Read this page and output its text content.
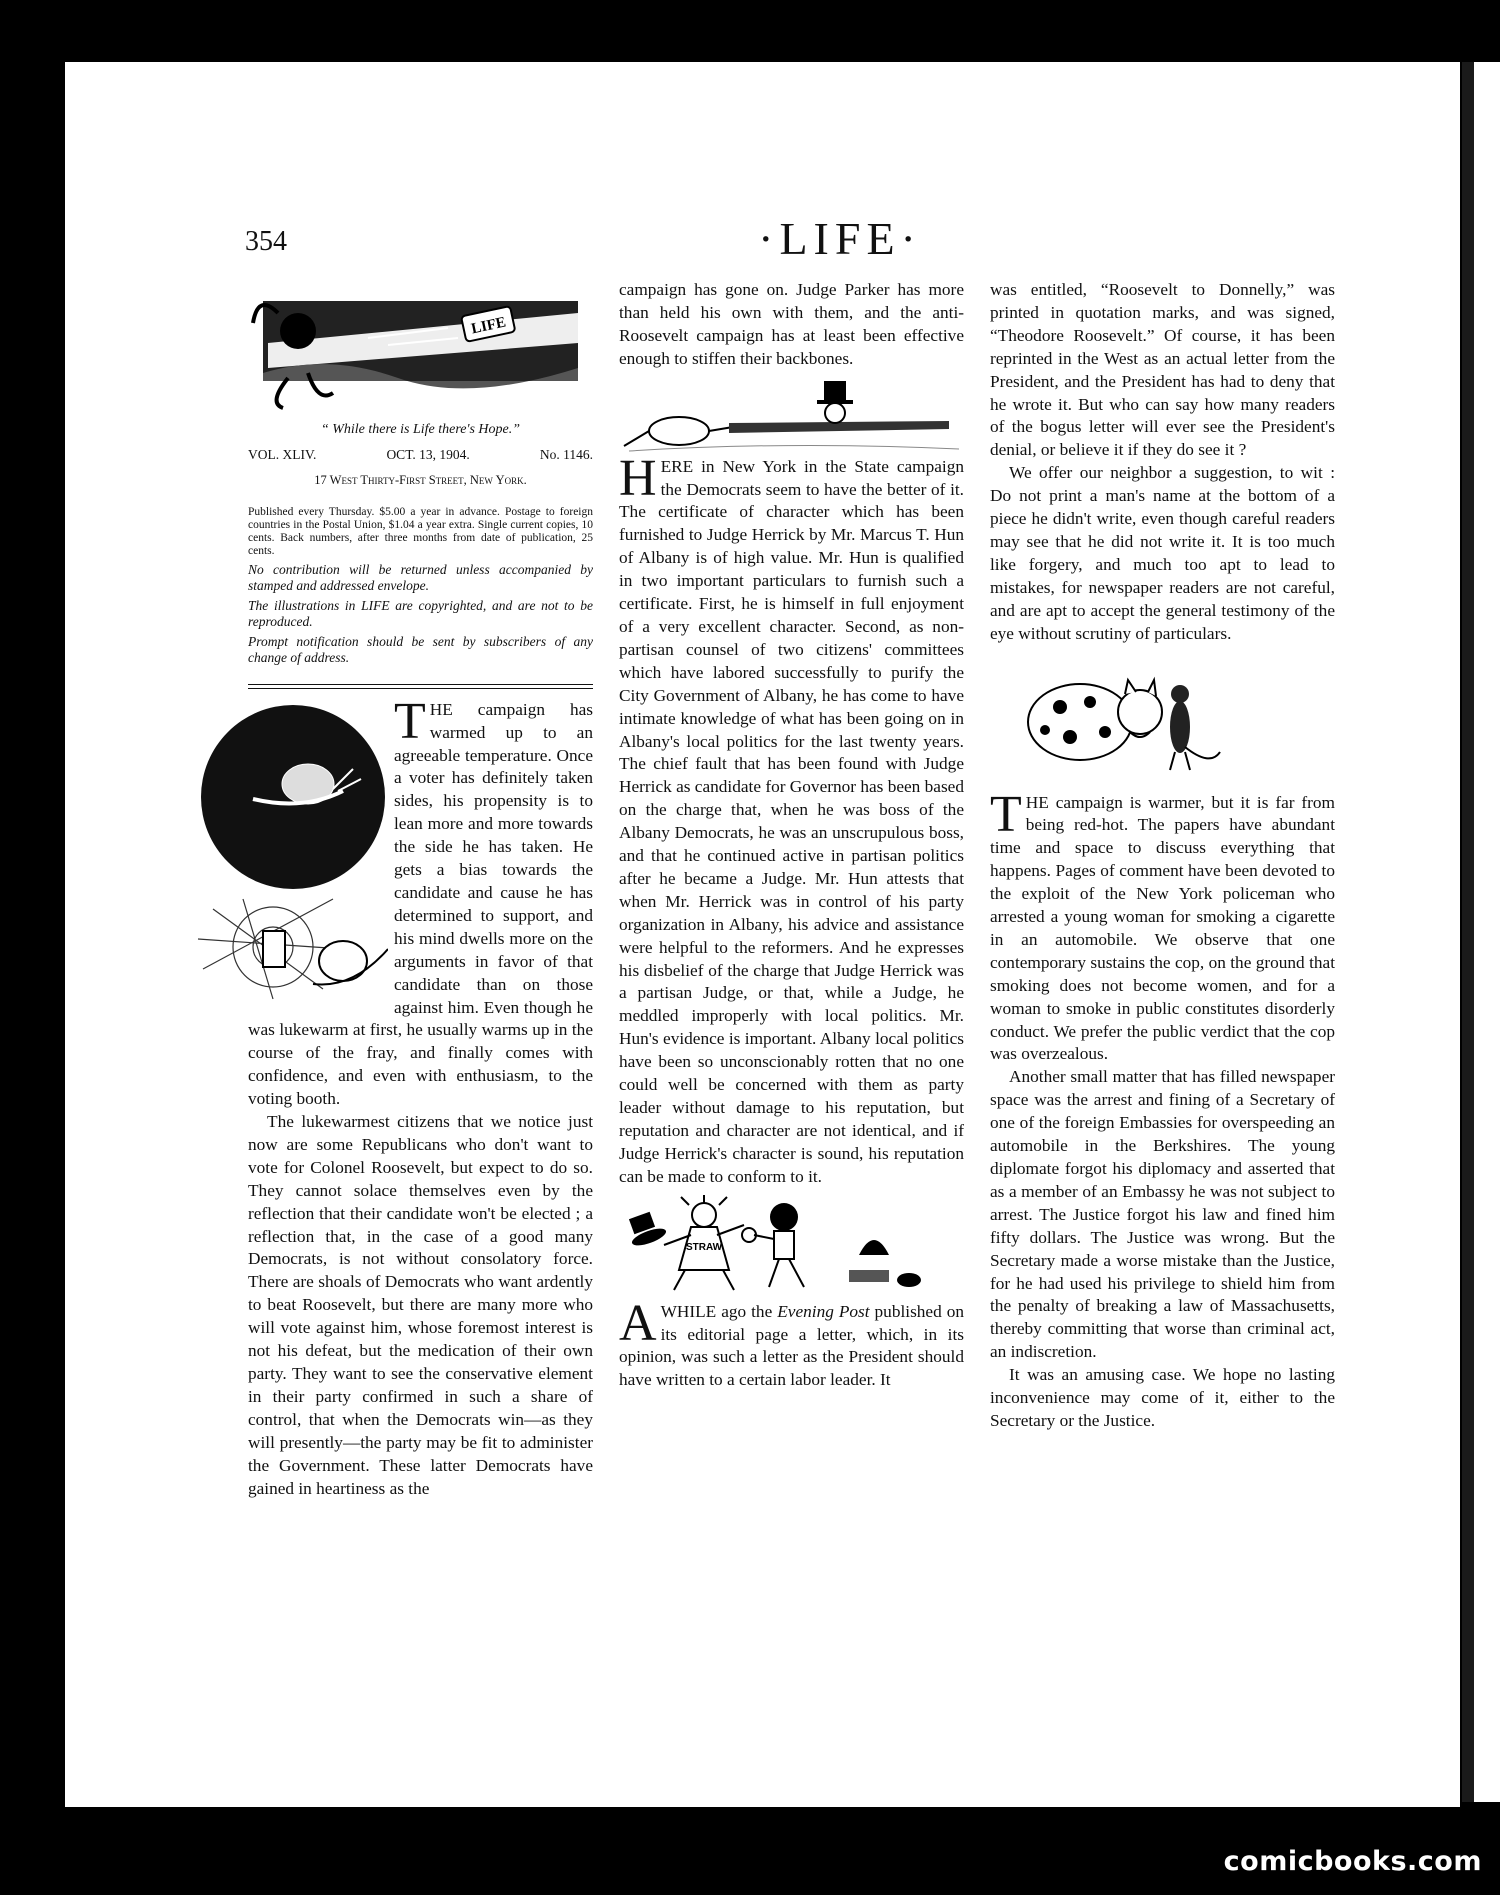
354	·LIFE·
LIFE
“ While there is Life there's Hope.”
VOL. XLIV.	OCT. 13, 1904.	No. 1146.
17 West Thirty-First Street, New York.
Published every Thursday. $5.00 a year in advance. Postage to foreign countries in the Postal Union, $1.04 a year extra. Single current copies, 10 cents. Back numbers, after three months from date of publication, 25 cents.
No contribution will be returned unless accompanied by stamped and addressed envelope.
The illustrations in LIFE are copyrighted, and are not to be reproduced.
Prompt notification should be sent by subscribers of any change of address.

THE campaign has warmed up to an agreeable temperature. Once a voter has definitely taken sides, his propensity is to lean more and more towards the side he has taken. He gets a bias towards the candidate and cause he has determined to support, and his mind dwells more on the arguments in favor of that candidate than on those against him. Even though he was lukewarm at first, he usually warms up in the course of the fray, and finally comes with confidence, and even with enthusiasm, to the voting booth.

The lukewarmest citizens that we notice just now are some Republicans who don't want to vote for Colonel Roosevelt, but expect to do so. They cannot solace themselves even by the reflection that their candidate won't be elected ; a reflection that, in the case of a good many Democrats, is not without consolatory force. There are shoals of Democrats who want ardently to beat Roosevelt, but there are many more who will vote against him, whose foremost interest is not his defeat, but the medication of their own party. They want to see the conservative element in their party confirmed in such a share of control, that when the Democrats win—as they will presently—the party may be fit to administer the Government. These latter Democrats have gained in heartiness as the

campaign has gone on. Judge Parker has more than held his own with them, and the anti-Roosevelt campaign has at least been effective enough to stiffen their backbones.

HERE in New York in the State campaign the Democrats seem to have the better of it. The certificate of character which has been furnished to Judge Herrick by Mr. Marcus T. Hun of Albany is of high value. Mr. Hun is qualified in two important particulars to furnish such a certificate. First, he is himself in full enjoyment of a very excellent character. Second, as non-partisan counsel of two citizens' committees which have labored successfully to purify the City Government of Albany, he has come to have intimate knowledge of what has been going on in Albany's local politics for the last twenty years. The chief fault that has been found with Judge Herrick as candidate for Governor has been based on the charge that, when he was boss of the Albany Democrats, he was an unscrupulous boss, and that he continued active in partisan politics after he became a Judge. Mr. Hun attests that when Mr. Herrick was in control of his party organization in Albany, his advice and assistance were helpful to the reformers. And he expresses his disbelief of the charge that Judge Herrick was a partisan Judge, or that, while a Judge, he meddled improperly with local politics. Mr. Hun's evidence is important. Albany local politics have been so unconscionably rotten that no one could well be concerned with them as party leader without damage to his reputation, but reputation and character are not identical, and if Judge Herrick's character is sound, his reputation can be made to conform to it.

STRAW

AWHILE ago the Evening Post published on its editorial page a letter, which, in its opinion, was such a letter as the President should have written to a certain labor leader. It

was entitled, “Roosevelt to Donnelly,” was printed in quotation marks, and was signed, “Theodore Roosevelt.” Of course, it has been reprinted in the West as an actual letter from the President, and the President has had to deny that he wrote it. But who can say how many readers of the bogus letter will ever see the President's denial, or believe it if they do see it ?

We offer our neighbor a suggestion, to wit : Do not print a man's name at the bottom of a piece he didn't write, even though careful readers may see that he did not write it. It is too much like forgery, and much too apt to lead to mistakes, for newspaper readers are not careful, and are apt to accept the general testimony of the eye without scrutiny of particulars.

THE campaign is warmer, but it is far from being red-hot. The papers have abundant time and space to discuss everything that happens. Pages of comment have been devoted to the exploit of the New York policeman who arrested a young woman for smoking a cigarette in an automobile. We observe that one contemporary sustains the cop, on the ground that smoking does not become women, and for a woman to smoke in public constitutes disorderly conduct. We prefer the public verdict that the cop was overzealous.

Another small matter that has filled newspaper space was the arrest and fining of a Secretary of one of the foreign Embassies for overspeeding an automobile in the Berkshires. The young diplomate forgot his diplomacy and asserted that as a member of an Embassy he was not subject to arrest. The Justice forgot his law and fined him fifty dollars. The Justice was wrong. But the Secretary made a worse mistake than the Justice, for he had used his privilege to shield him from the penalty of breaking a law of Massachusetts, thereby committing that worse than criminal act, an indiscretion.

It was an amusing case. We hope no lasting inconvenience may come of it, either to the Secretary or the Justice.

comicbooks.com
